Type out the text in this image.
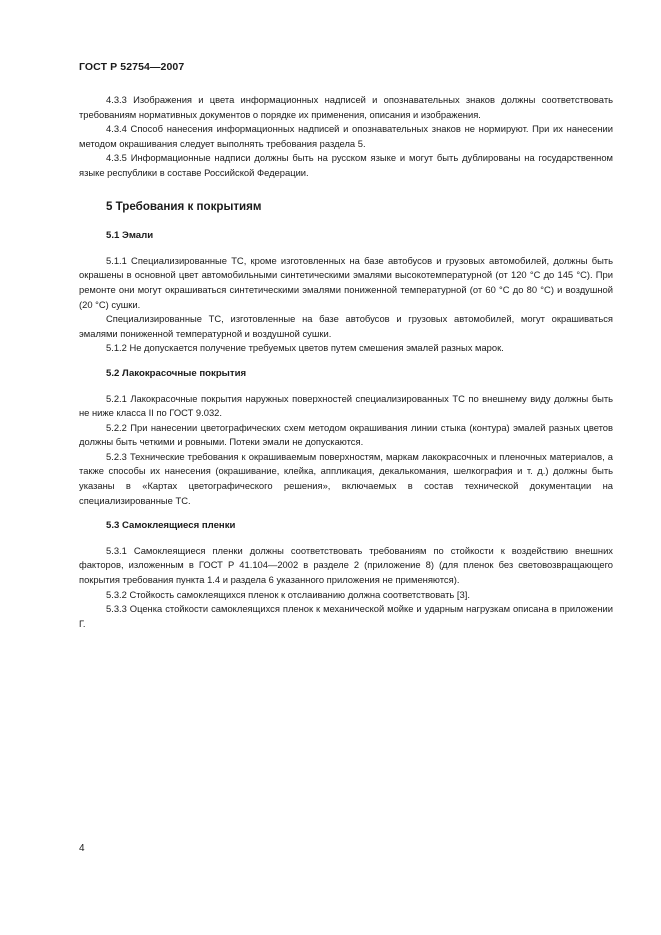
ГОСТ Р 52754—2007

4.3.3 Изображения и цвета информационных надписей и опознавательных знаков должны соответствовать требованиям нормативных документов о порядке их применения, описания и изображения.

4.3.4 Способ нанесения информационных надписей и опознавательных знаков не нормируют. При их нанесении методом окрашивания следует выполнять требования раздела 5.

4.3.5 Информационные надписи должны быть на русском языке и могут быть дублированы на государственном языке республики в составе Российской Федерации.

5 Требования к покрытиям
5.1 Эмали

5.1.1 Специализированные ТС, кроме изготовленных на базе автобусов и грузовых автомобилей, должны быть окрашены в основной цвет автомобильными синтетическими эмалями высокотемпературной (от 120 °С до 145 °С). При ремонте они могут окрашиваться синтетическими эмалями пониженной температурной (от 60 °С до 80 °С) и воздушной (20 °С) сушки.

Специализированные ТС, изготовленные на базе автобусов и грузовых автомобилей, могут окрашиваться эмалями пониженной температурной и воздушной сушки.

5.1.2 Не допускается получение требуемых цветов путем смешения эмалей разных марок.

5.2 Лакокрасочные покрытия

5.2.1 Лакокрасочные покрытия наружных поверхностей специализированных ТС по внешнему виду должны быть не ниже класса II по ГОСТ 9.032.

5.2.2 При нанесении цветографических схем методом окрашивания линии стыка (контура) эмалей разных цветов должны быть четкими и ровными. Потеки эмали не допускаются.

5.2.3 Технические требования к окрашиваемым поверхностям, маркам лакокрасочных и пленочных материалов, а также способы их нанесения (окрашивание, клейка, аппликация, декалькомания, шелкография и т. д.) должны быть указаны в «Картах цветографического решения», включаемых в состав технической документации на специализированные ТС.

5.3 Самоклеящиеся пленки

5.3.1 Самоклеящиеся пленки должны соответствовать требованиям по стойкости к воздействию внешних факторов, изложенным в ГОСТ Р 41.104—2002 в разделе 2 (приложение 8) (для пленок без световозвращающего покрытия требования пункта 1.4 и раздела 6 указанного приложения не применяются).

5.3.2 Стойкость самоклеящихся пленок к отслаиванию должна соответствовать [3].

5.3.3 Оценка стойкости самоклеящихся пленок к механической мойке и ударным нагрузкам описана в приложении Г.

4
